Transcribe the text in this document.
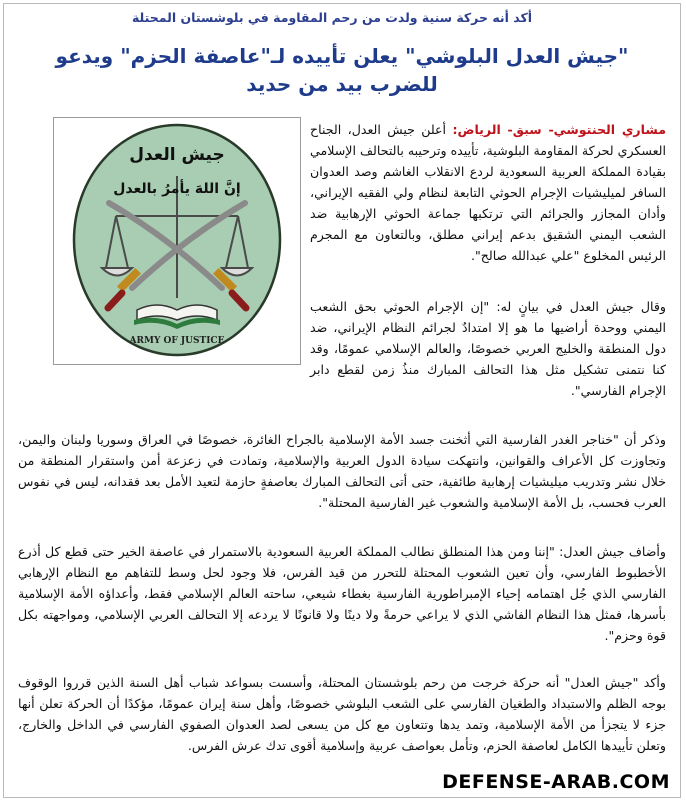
أكد أنه حركة سنية ولدت من رحم المقاومة في بلوشستان المحتلة
"جيش العدل البلوشي" يعلن تأييده لـ"عاصفة الحزم" ويدعو للضرب بيد من حديد
جيش العدل
إنَّ اللهَ يأمرُ بالعدل
ARMY OF JUSTICE
مشاري الحنتوشي- سبق- الرياض: أعلن جيش العدل، الجناح العسكري لحركة المقاومة البلوشية، تأييده وترحيبه بالتحالف الإسلامي بقيادة المملكة العربية السعودية لردع الانقلاب الغاشم وصد العدوان السافر لميليشيات الإجرام الحوثي التابعة لنظام ولي الفقيه الإيراني، وأدان المجازر والجرائم التي ترتكبها جماعة الحوثي الإرهابية ضد الشعب اليمني الشقيق بدعم إيراني مطلق، وبالتعاون مع المجرم الرئيس المخلوع "علي عبدالله صالح".
وقال جيش العدل في بيانٍ له: "إن الإجرام الحوثي بحق الشعب اليمني ووحدة أراضيها ما هو إلا امتدادٌ لجرائم النظام الإيراني، ضد دول المنطقة والخليج العربي خصوصًا، والعالم الإسلامي عمومًا، وقد كنا نتمنى تشكيل مثل هذا التحالف المبارك منذُ زمن لقطع دابر الإجرام الفارسي".
وذكر أن "خناجر الغدر الفارسية التي أثخنت جسد الأمة الإسلامية بالجراح الغائرة، خصوصًا في العراق وسوريا ولبنان واليمن، وتجاوزت كل الأعراف والقوانين، وانتهكت سيادة الدول العربية والإسلامية، وتمادت في زعزعة أمن واستقرار المنطقة من خلال نشر وتدريب ميليشيات إرهابية طائفية، حتى أتى التحالف المبارك بعاصفةٍ حازمة لتعيد الأمل بعد فقدانه، ليس في نفوس العرب فحسب، بل الأمة الإسلامية والشعوب غير الفارسية المحتلة".
وأضاف جيش العدل: "إننا ومن هذا المنطلق نطالب المملكة العربية السعودية بالاستمرار في عاصفة الخير حتى قطع كل أذرع الأخطبوط الفارسي، وأن تعين الشعوب المحتلة للتحرر من قيد الفرس، فلا وجود لحل وسط للتفاهم مع النظام الإرهابي الفارسي الذي جُل اهتمامه إحياء الإمبراطورية الفارسية بغطاء شيعي، ساحته العالم الإسلامي فقط، وأعداؤه الأمة الإسلامية بأسرها، فمثل هذا النظام الفاشي الذي لا يراعي حرمةً ولا دينًا ولا قانونًا لا يردعه إلا التحالف العربي الإسلامي، ومواجهته بكل قوة وحزم".
وأكد "جيش العدل" أنه حركة خرجت من رحم بلوشستان المحتلة، وأسست بسواعد شباب أهل السنة الذين قرروا الوقوف بوجه الظلم والاستبداد والطغيان الفارسي على الشعب البلوشي خصوصًا، وأهل سنة إيران عمومًا، مؤكدًا أن الحركة تعلن أنها جزء لا يتجزأ من الأمة الإسلامية، وتمد يدها وتتعاون مع كل من يسعى لصد العدوان الصفوي الفارسي في الداخل والخارج، وتعلن تأييدها الكامل لعاصفة الحزم، وتأمل بعواصف عربية وإسلامية أقوى تدك عرش الفرس.
DEFENSE-ARAB.COM
